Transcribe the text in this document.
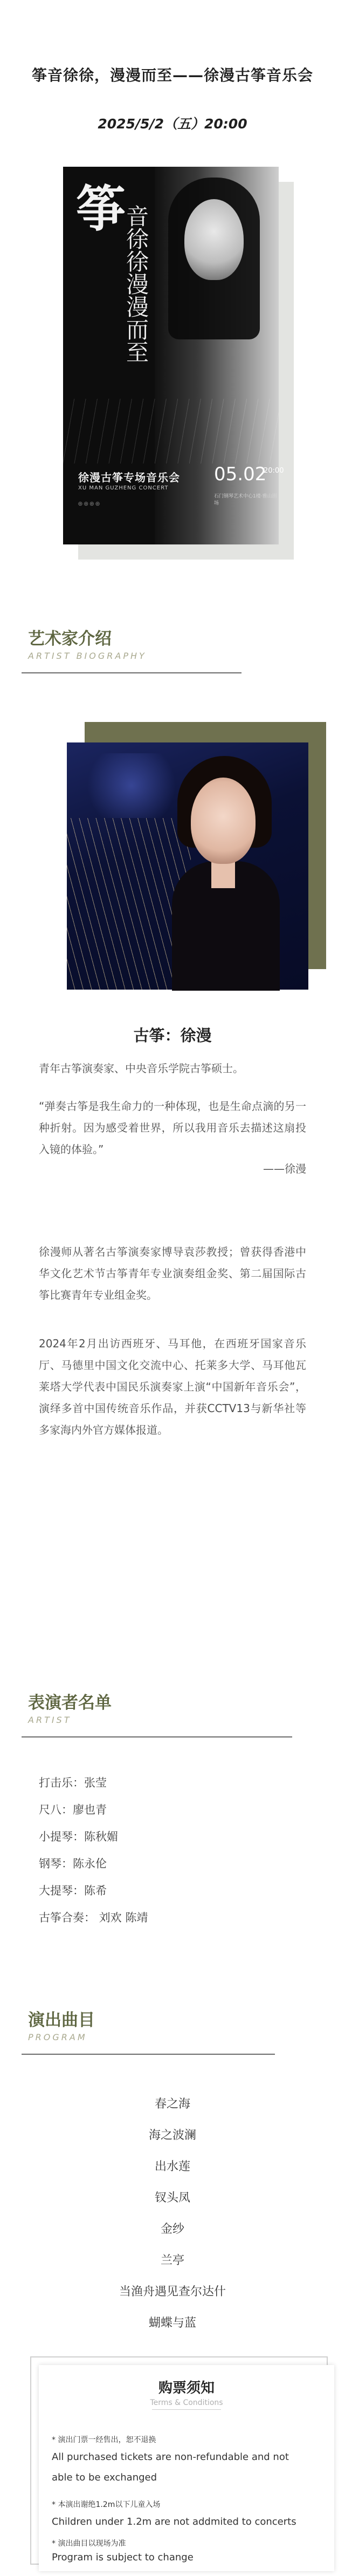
筝音徐徐，漫漫而至——徐漫古筝音乐会
2025/5/2（五）20:00
筝
音徐徐漫漫而至
徐漫古筝专场音乐会
XU MAN GUZHENG CONCERT
◎ ◎ ◎ ◎
05.02
20:00
石门钢琴艺术中心1楼·雅山剧场
艺术家介绍
ARTIST BIOGRAPHY
古筝：徐漫
青年古筝演奏家、中央音乐学院古筝硕士。
“弹奏古筝是我生命力的一种体现，也是生命点滴的另一种折射。因为感受着世界，所以我用音乐去描述这扇投入镜的体验。”
——徐漫
徐漫师从著名古筝演奏家博导袁莎教授；曾获得香港中华文化艺术节古筝青年专业演奏组金奖、第二届国际古筝比赛青年专业组金奖。
2024年2月出访西班牙、马耳他，在西班牙国家音乐厅、马德里中国文化交流中心、托莱多大学、马耳他瓦莱塔大学代表中国民乐演奏家上演“中国新年音乐会”，演绎多首中国传统音乐作品，并获CCTV13与新华社等多家海内外官方媒体报道。
表演者名单
ARTIST
打击乐：张莹
尺八：廖也青
小提琴：陈秋媚
钢琴：陈永伦
大提琴：陈希
古筝合奏： 刘欢 陈靖
演出曲目
PROGRAM
春之海
海之波澜
出水莲
钗头凤
金纱
兰亭
当渔舟遇见查尔达什
蝴蝶与蓝
购票须知
Terms & Conditions
* 演出门票一经售出，恕不退换
All purchased tickets are non-refundable and not able to be exchanged
* 本演出谢绝1.2m以下儿童入场
Children under 1.2m are not addmited to concerts
* 演出曲目以现场为准
Program is subject to change
